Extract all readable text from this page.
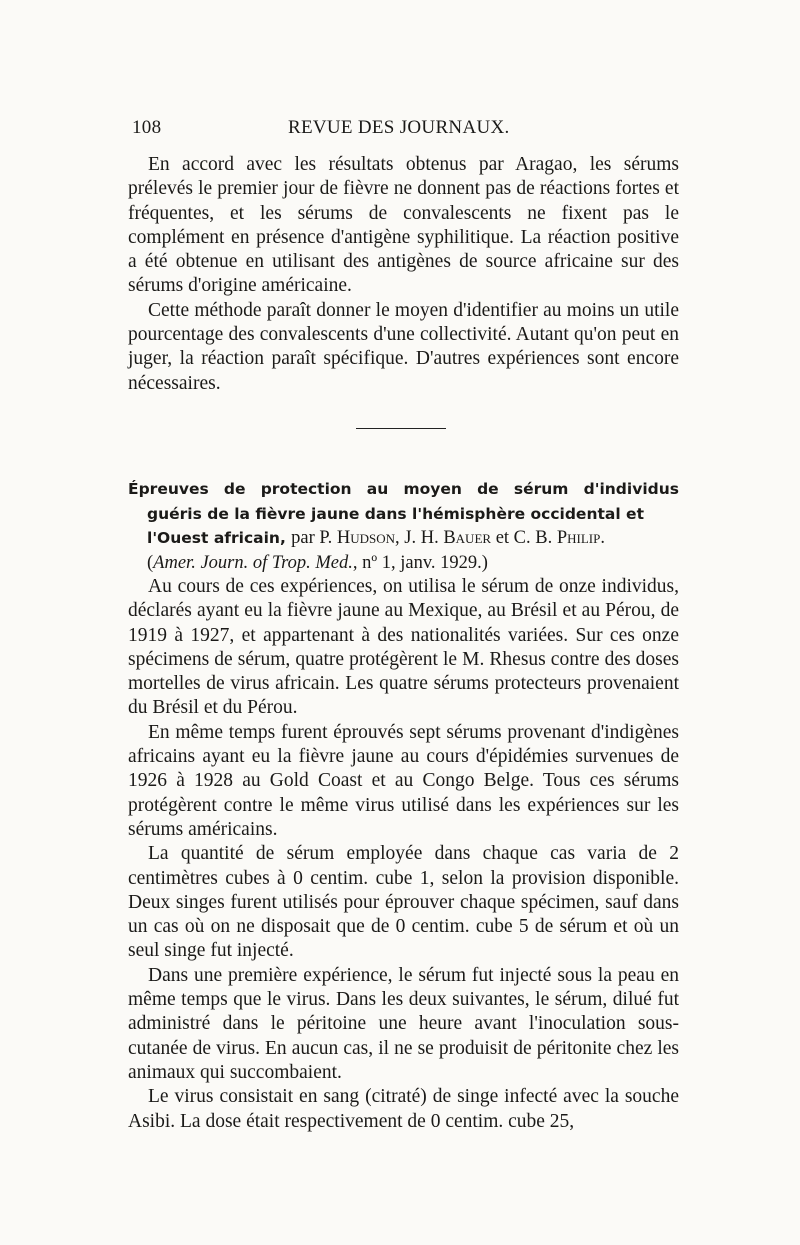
108	REVUE DES JOURNAUX.

En accord avec les résultats obtenus par Aragao, les sérums prélevés le premier jour de fièvre ne donnent pas de réactions fortes et fréquentes, et les sérums de convalescents ne fixent pas le complément en présence d'antigène syphilitique. La réaction positive a été obtenue en utilisant des antigènes de source africaine sur des sérums d'origine américaine.

Cette méthode paraît donner le moyen d'identifier au moins un utile pourcentage des convalescents d'une collectivité. Autant qu'on peut en juger, la réaction paraît spécifique. D'autres expériences sont encore nécessaires.

Épreuves de protection au moyen de sérum d'individus
guéris de la fièvre jaune dans l'hémisphère occidental et
l'Ouest africain, par P. Hudson, J. H. Bauer et C. B. Philip.
(Amer. Journ. of Trop. Med., nº 1, janv. 1929.)

Au cours de ces expériences, on utilisa le sérum de onze individus, déclarés ayant eu la fièvre jaune au Mexique, au Brésil et au Pérou, de 1919 à 1927, et appartenant à des nationalités variées. Sur ces onze spécimens de sérum, quatre protégèrent le M. Rhesus contre des doses mortelles de virus africain. Les quatre sérums protecteurs provenaient du Brésil et du Pérou.

En même temps furent éprouvés sept sérums provenant d'indigènes africains ayant eu la fièvre jaune au cours d'épidémies survenues de 1926 à 1928 au Gold Coast et au Congo Belge. Tous ces sérums protégèrent contre le même virus utilisé dans les expériences sur les sérums américains.

La quantité de sérum employée dans chaque cas varia de 2 centimètres cubes à 0 centim. cube 1, selon la provision disponible. Deux singes furent utilisés pour éprouver chaque spécimen, sauf dans un cas où on ne disposait que de 0 centim. cube 5 de sérum et où un seul singe fut injecté.

Dans une première expérience, le sérum fut injecté sous la peau en même temps que le virus. Dans les deux suivantes, le sérum, dilué fut administré dans le péritoine une heure avant l'inoculation sous-cutanée de virus. En aucun cas, il ne se produisit de péritonite chez les animaux qui succombaient.

Le virus consistait en sang (citraté) de singe infecté avec la souche Asibi. La dose était respectivement de 0 centim. cube 25,
